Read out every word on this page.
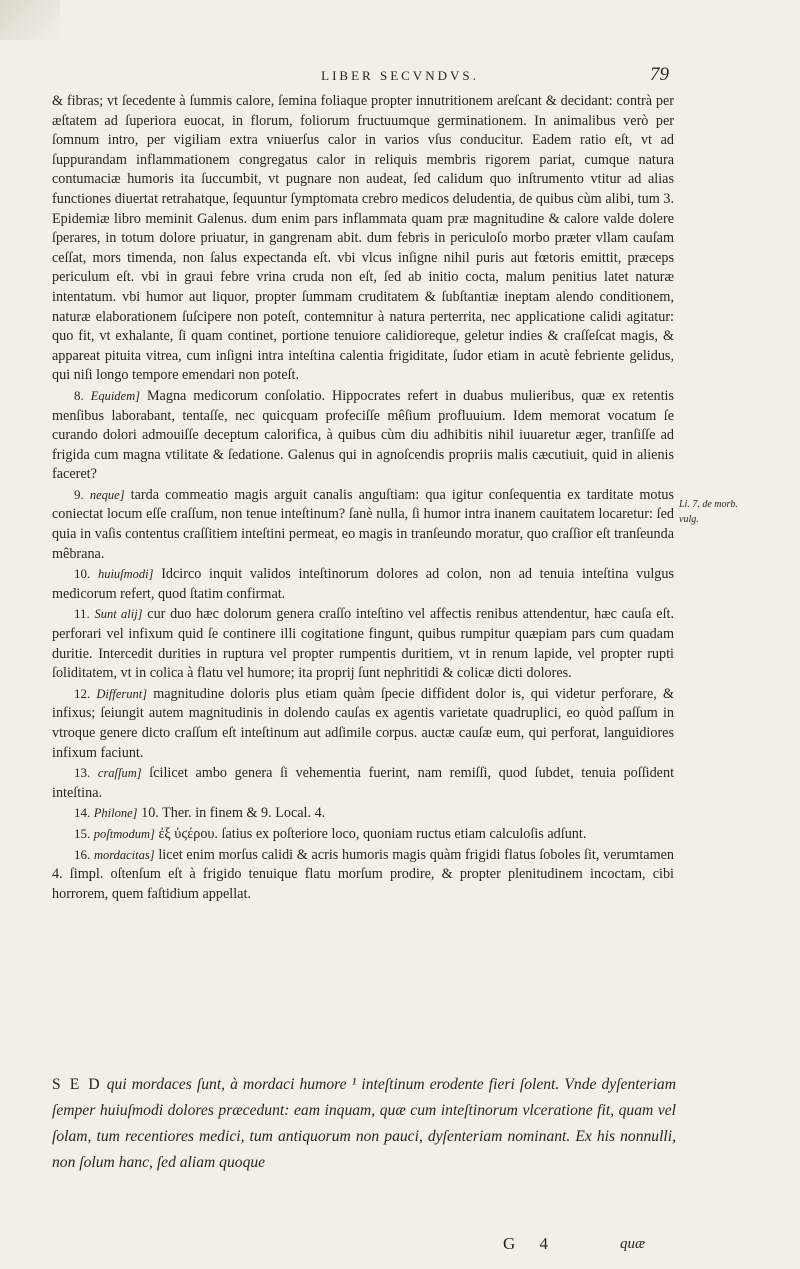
LIBER SECVNDVS.	79

& fibras; vt ſecedente à ſummis calore, ſemina foliaque propter innutritionem areſcant & decidant: contrà per æſtatem ad ſuperiora euocat, in florum, foliorum fructuumque germinationem. In animalibus verò per ſomnum intro, per vigiliam extra vniuerſus calor in varios vſus conducitur. Eadem ratio eſt, vt ad ſuppurandam inflammationem congregatus calor in reliquis membris rigorem pariat, cumque natura contumaciæ humoris ita ſuccumbit, vt pugnare non audeat, ſed calidum quo inſtrumento vtitur ad alias functiones diuertat retrahatque, ſequuntur ſymptomata crebro medicos deludentia, de quibus cùm alibi, tum 3. Epidemiæ libro meminit Galenus. dum enim pars inflammata quam præ magnitudine & calore valde dolere ſperares, in totum dolore priuatur, in gangrenam abit. dum febris in periculoſo morbo præter vllam cauſam ceſſat, mors timenda, non ſalus expectanda eſt. vbi vlcus inſigne nihil puris aut fœtoris emittit, præceps periculum eſt. vbi in graui febre vrina cruda non eſt, ſed ab initio cocta, malum penitius latet naturæ intentatum. vbi humor aut liquor, propter ſummam cruditatem & ſubſtantiæ ineptam alendo conditionem, naturæ elaborationem ſuſcipere non poteſt, contemnitur à natura perterrita, nec applicatione calidi agitatur: quo fit, vt exhalante, ſi quam continet, portione tenuiore calidioreque, geletur indies & craſſeſcat magis, & appareat pituita vitrea, cum inſigni intra inteſtina calentia frigiditate, ſudor etiam in acutè febriente gelidus, qui niſi longo tempore emendari non poteſt.

8. Equidem] Magna medicorum conſolatio. Hippocrates refert in duabus mulieribus, quæ ex retentis menſibus laborabant, tentaſſe, nec quicquam profeciſſe mêſium profluuium. Idem memorat vocatum ſe curando dolori admouiſſe deceptum calorifica, à quibus cùm diu adhibitis nihil iuuaretur æger, tranſiſſe ad frigida cum magna vtilitate & ſedatione. Galenus qui in agnoſcendis propriis malis cæcutiuit, quid in alienis faceret?

9. neque] tarda commeatio magis arguit canalis anguſtiam: qua igitur conſequentia ex tarditate motus coniectat locum eſſe craſſum, non tenue inteſtinum? ſanè nulla, ſi humor intra inanem cauitatem locaretur: ſed quia in vaſis contentus craſſitiem inteſtini permeat, eo magis in tranſeundo moratur, quo craſſior eſt tranſeunda mêbrana.

10. huiuſmodi] Idcirco inquit validos inteſtinorum dolores ad colon, non ad tenuia inteſtina vulgus medicorum refert, quod ſtatim confirmat.

11. Sunt alij] cur duo hæc dolorum genera craſſo inteſtino vel affectis renibus attendentur, hæc cauſa eſt. perforari vel infixum quid ſe continere illi cogitatione fingunt, quibus rumpitur quæpiam pars cum quadam duritie. Intercedit durities in ruptura vel propter rumpentis duritiem, vt in renum lapide, vel propter rupti ſoliditatem, vt in colica à flatu vel humore; ita proprij ſunt nephritidi & colicæ dicti dolores.

12. Differunt] magnitudine doloris plus etiam quàm ſpecie diffident dolor is, qui videtur perforare, & infixus; ſeiungit autem magnitudinis in dolendo cauſas ex agentis varietate quadruplici, eo quòd paſſum in vtroque genere dicto craſſum eſt inteſtinum aut adſimile corpus. auctæ cauſæ eum, qui perforat, languidiores infixum faciunt.

13. craſſum] ſcilicet ambo genera ſi vehementia fuerint, nam remiſſi, quod ſubdet, tenuia poſſident inteſtina.

14. Philone] 10. Ther. in finem & 9. Local. 4.

15. poſtmodum] ἐξ ὑϛέρου. ſatius ex poſteriore loco, quoniam ructus etiam calculoſis adſunt.

16. mordacitas] licet enim morſus calidi & acris humoris magis quàm frigidi flatus ſoboles ſit, verumtamen 4. ſimpl. oſtenſum eſt à frigido tenuique flatu morſum prodire, & propter plenitudinem incoctam, cibi horrorem, quem faſtidium appellat.

Li. 7. de morb. vulg.
S E D qui mordaces ſunt, à mordaci humore ¹ inteſtinum erodente fieri ſolent. Vnde dyſenteriam ſemper huiuſmodi dolores præcedunt: eam inquam, quæ cum inteſtinorum vlceratione fit, quam vel ſolam, tum recentiores medici, tum antiquorum non pauci, dyſenteriam nominant. Ex his nonnulli, non ſolum hanc, ſed aliam quoque
G 4	quæ
